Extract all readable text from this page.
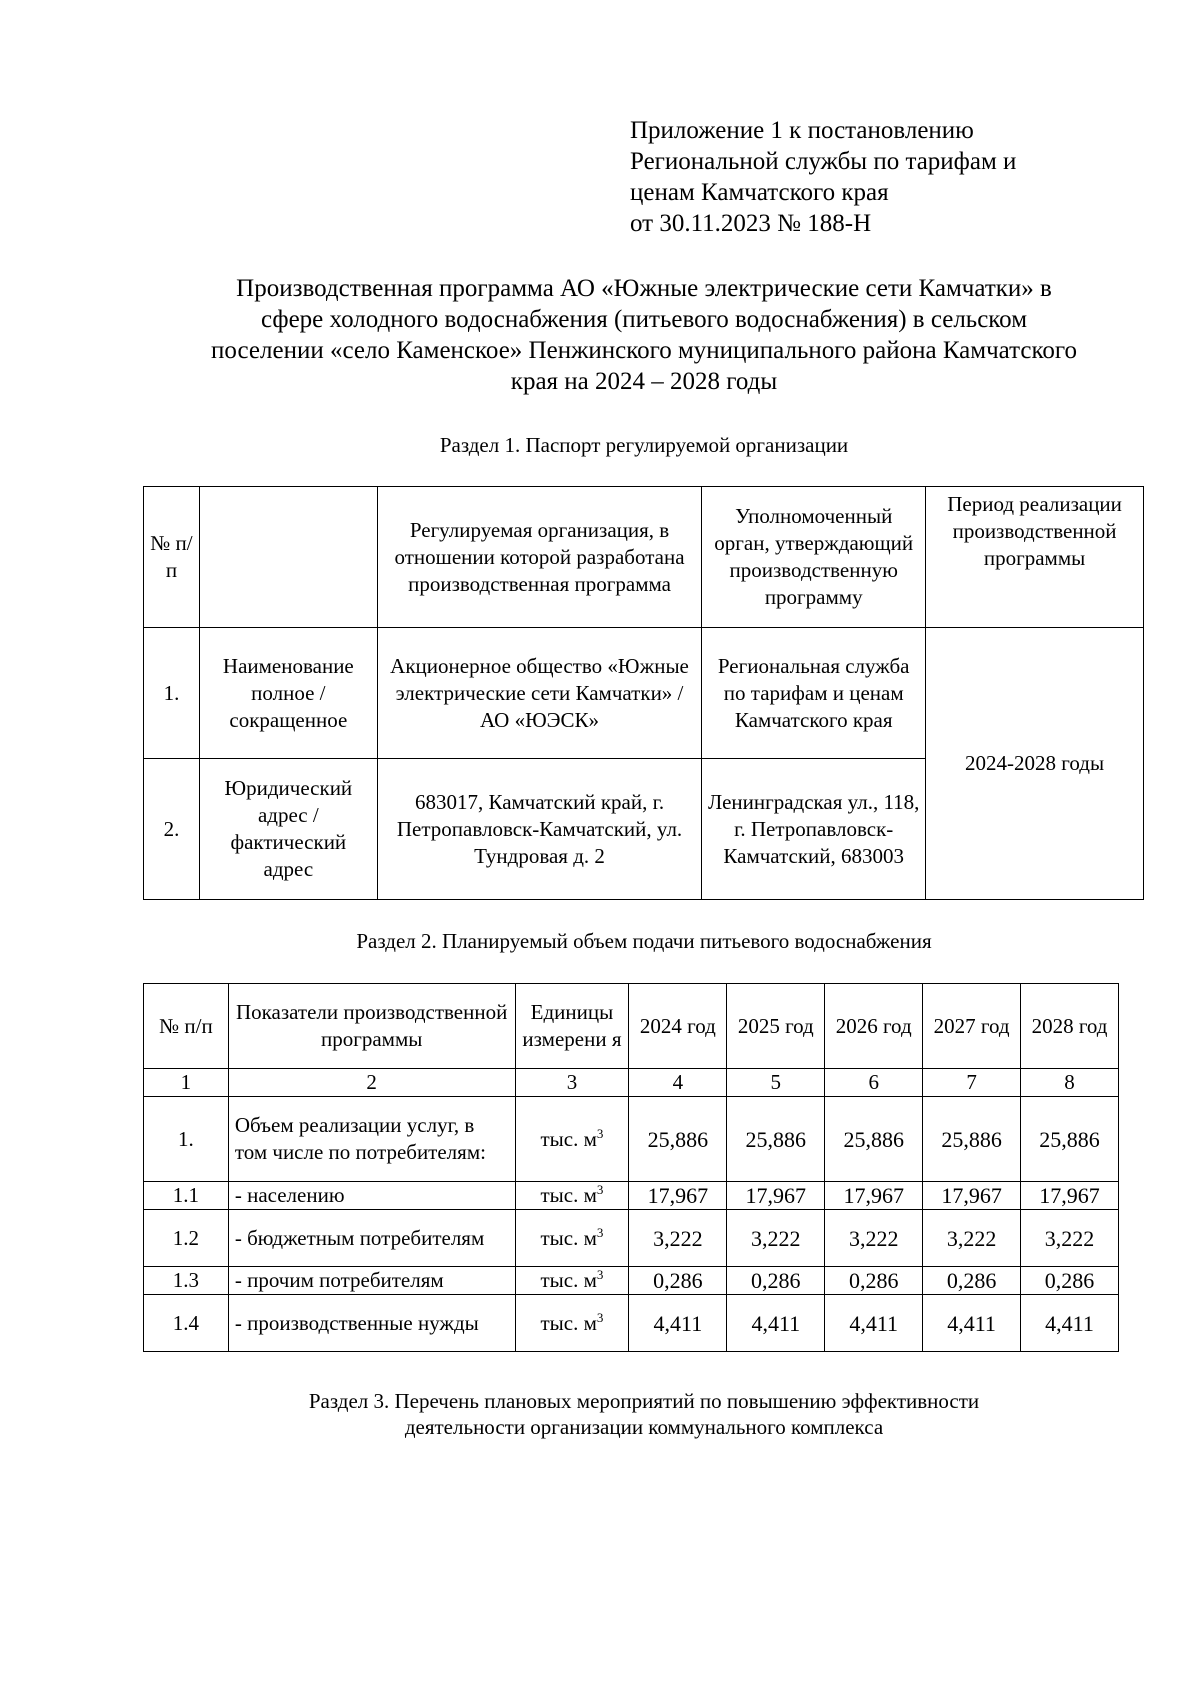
Приложение 1 к постановлению
Региональной службы по тарифам и
ценам Камчатского края
от 30.11.2023 № 188-Н
Производственная программа АО «Южные электрические сети Камчатки» в
сфере холодного водоснабжения (питьевого водоснабжения) в сельском
поселении «село Каменское» Пенжинского муниципального района Камчатского
края на 2024 – 2028 годы
Раздел 1. Паспорт регулируемой организации
№ п/п		Регулируемая организация, в отношении которой разработана производственная программа	Уполномоченный орган, утверждающий производственную программу	Период реализации производственной программы
1.	Наименование полное / сокращенное	Акционерное общество «Южные электрические сети Камчатки» / АО «ЮЭСК»	Региональная служба по тарифам и ценам Камчатского края	2024-2028 годы
2.	Юридический адрес / фактический адрес	683017, Камчатский край, г. Петропавловск-Камчатский, ул. Тундровая д. 2	Ленинградская ул., 118, г. Петропавловск-Камчатский, 683003	
Раздел 2. Планируемый объем подачи питьевого водоснабжения
№ п/п	Показатели производственной программы	Единицы измерени я	2024 год	2025 год	2026 год	2027 год	2028 год
1	2	3	4	5	6	7	8
1.	Объем реализации услуг, в том числе по потребителям:	тыс. $м^3$	25,886	25,886	25,886	25,886	25,886
1.1	- населению	тыс. $м^3$	17,967	17,967	17,967	17,967	17,967
1.2	- бюджетным потребителям	тыс. $м^3$	3,222	3,222	3,222	3,222	3,222
1.3	- прочим потребителям	тыс. $м^3$	0,286	0,286	0,286	0,286	0,286
1.4	- производственные нужды	тыс. $м^3$	4,411	4,411	4,411	4,411	4,411
Раздел 3. Перечень плановых мероприятий по повышению эффективности
деятельности организации коммунального комплекса
